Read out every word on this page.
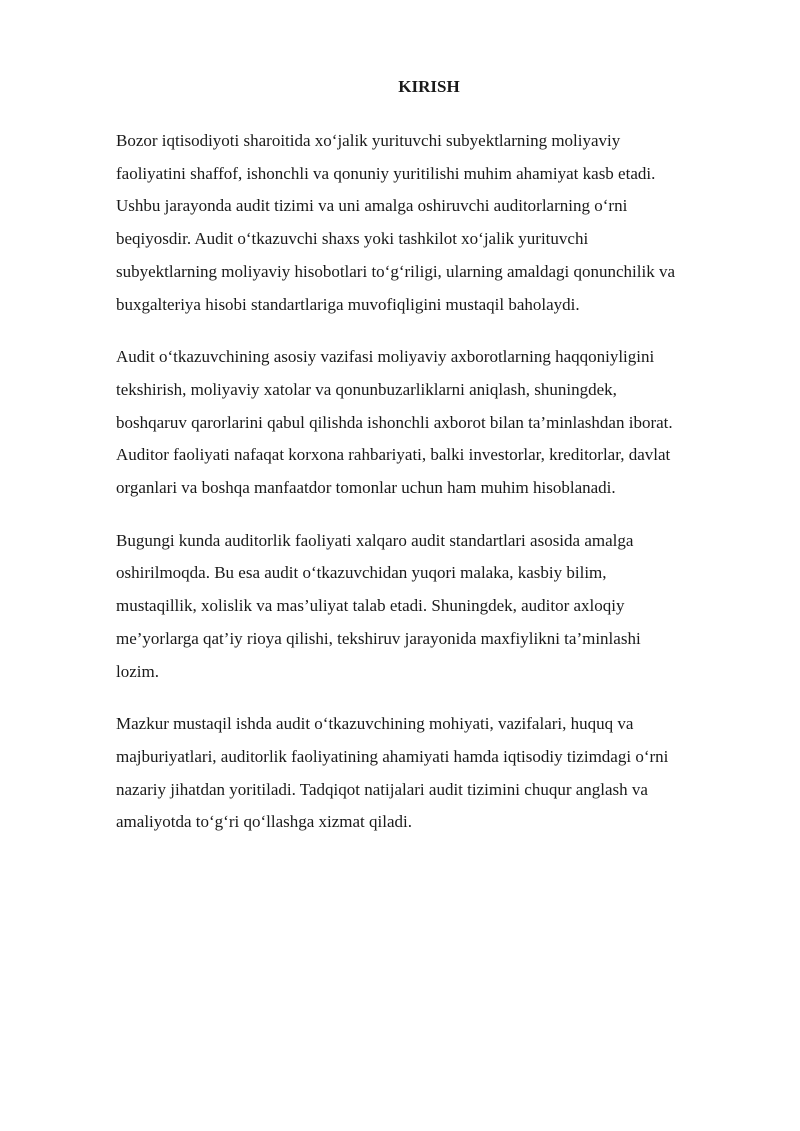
KIRISH

Bozor iqtisodiyoti sharoitida xo‘jalik yurituvchi subyektlarning moliyaviy
faoliyatini shaffof, ishonchli va qonuniy yuritilishi muhim ahamiyat kasb etadi.
Ushbu jarayonda audit tizimi va uni amalga oshiruvchi auditorlarning o‘rni
beqiyosdir. Audit o‘tkazuvchi shaxs yoki tashkilot xo‘jalik yurituvchi
subyektlarning moliyaviy hisobotlari to‘g‘riligi, ularning amaldagi qonunchilik va
buxgalteriya hisobi standartlariga muvofiqligini mustaqil baholaydi.

Audit o‘tkazuvchining asosiy vazifasi moliyaviy axborotlarning haqqoniyligini
tekshirish, moliyaviy xatolar va qonunbuzarliklarni aniqlash, shuningdek,
boshqaruv qarorlarini qabul qilishda ishonchli axborot bilan ta’minlashdan iborat.
Auditor faoliyati nafaqat korxona rahbariyati, balki investorlar, kreditorlar, davlat
organlari va boshqa manfaatdor tomonlar uchun ham muhim hisoblanadi.

Bugungi kunda auditorlik faoliyati xalqaro audit standartlari asosida amalga
oshirilmoqda. Bu esa audit o‘tkazuvchidan yuqori malaka, kasbiy bilim,
mustaqillik, xolislik va mas’uliyat talab etadi. Shuningdek, auditor axloqiy
me’yorlarga qat’iy rioya qilishi, tekshiruv jarayonida maxfiylikni ta’minlashi
lozim.

Mazkur mustaqil ishda audit o‘tkazuvchining mohiyati, vazifalari, huquq va
majburiyatlari, auditorlik faoliyatining ahamiyati hamda iqtisodiy tizimdagi o‘rni
nazariy jihatdan yoritiladi. Tadqiqot natijalari audit tizimini chuqur anglash va
amaliyotda to‘g‘ri qo‘llashga xizmat qiladi.
